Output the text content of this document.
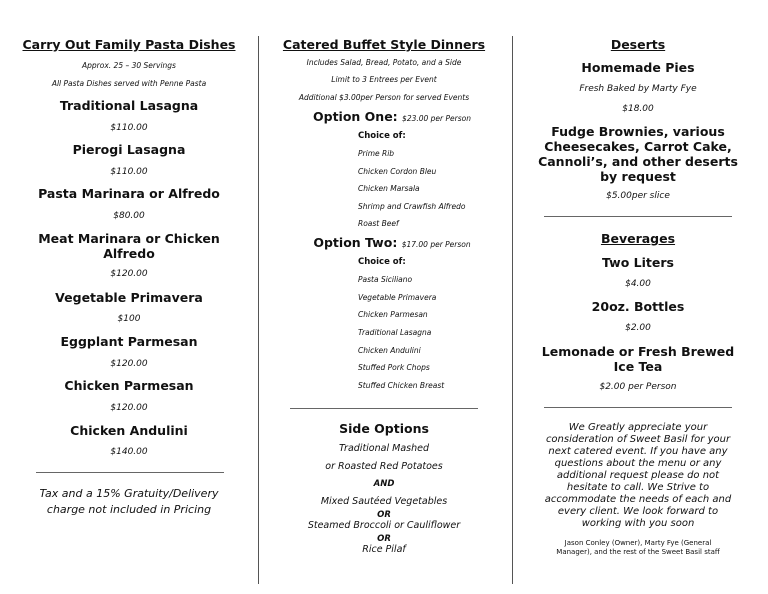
Carry Out Family Pasta Dishes
Approx. 25 – 30 Servings
All Pasta Dishes served with Penne Pasta
Traditional Lasagna
$110.00
Pierogi Lasagna
$110.00
Pasta Marinara or Alfredo
$80.00
Meat Marinara or Chicken Alfredo
$120.00
Vegetable Primavera
$100
Eggplant Parmesan
$120.00
Chicken Parmesan
$120.00
Chicken Andulini
$140.00
Tax and a 15% Gratuity/Delivery charge not included in Pricing
Catered Buffet Style Dinners
Includes Salad, Bread, Potato, and a Side
Limit to 3 Entrees per Event
Additional $3.00per Person for served Events
Option One: $23.00 per Person
Choice of:
Prime Rib
Chicken Cordon Bleu
Chicken Marsala
Shrimp and Crawfish Alfredo
Roast Beef
Option Two: $17.00 per Person
Choice of:
Pasta Siciliano
Vegetable Primavera
Chicken Parmesan
Traditional Lasagna
Chicken Andulini
Stuffed Pork Chops
Stuffed Chicken Breast
Side Options
Traditional Mashed
or Roasted Red Potatoes
AND
Mixed Sautéed Vegetables
OR
Steamed Broccoli or Cauliflower
OR
Rice Pilaf
Deserts
Homemade Pies
Fresh Baked by Marty Fye
$18.00
Fudge Brownies, various Cheesecakes, Carrot Cake, Cannoli’s, and other deserts by request
$5.00per slice
Beverages
Two Liters
$4.00
20oz. Bottles
$2.00
Lemonade or Fresh Brewed Ice Tea
$2.00 per Person
We Greatly appreciate your consideration of Sweet Basil for your next catered event. If you have any questions about the menu or any additional request please do not hesitate to call. We Strive to accommodate the needs of each and every client. We look forward to working with you soon
Jason Conley (Owner), Marty Fye (General Manager), and the rest of the Sweet Basil staff
